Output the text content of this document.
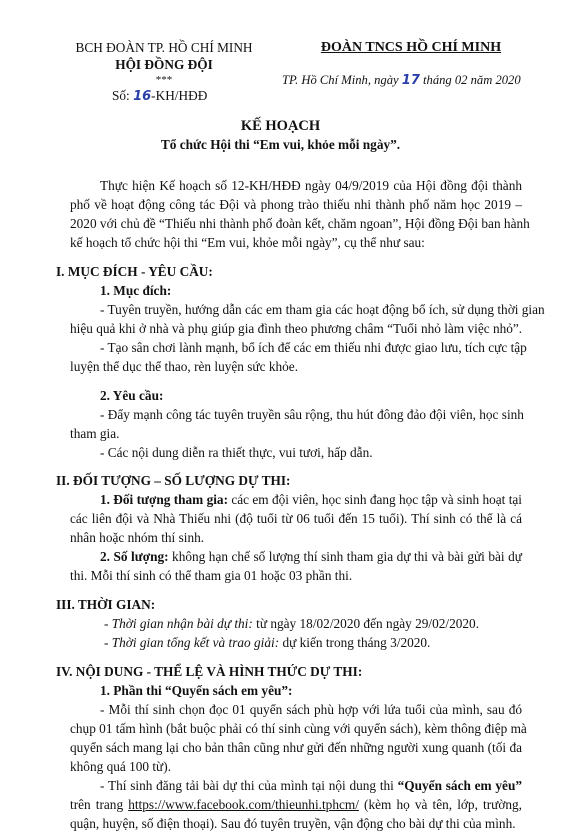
BCH ĐOÀN TP. HỒ CHÍ MINH
HỘI ĐỒNG ĐỘI
***
Số: 16-KH/HĐĐ
ĐOÀN TNCS HỒ CHÍ MINH
TP. Hồ Chí Minh, ngày 17 tháng 02 năm 2020
KẾ HOẠCH
Tổ chức Hội thi “Em vui, khỏe mỗi ngày”.
Thực hiện Kế hoạch số 12-KH/HĐĐ ngày 04/9/2019 của Hội đồng đội thành
phố về hoạt động công tác Đội và phong trào thiếu nhi thành phố năm học 2019 –
2020 với chủ đề “Thiếu nhi thành phố đoàn kết, chăm ngoan”, Hội đồng Đội ban hành
kế hoạch tổ chức hội thi “Em vui, khỏe mỗi ngày”, cụ thể như sau:
I. MỤC ĐÍCH - YÊU CẦU:
1. Mục đích:
- Tuyên truyền, hướng dẫn các em tham gia các hoạt động bổ ích, sử dụng thời gian
hiệu quả khi ở nhà và phụ giúp gia đình theo phương châm “Tuổi nhỏ làm việc nhỏ”.
- Tạo sân chơi lành mạnh, bổ ích để các em thiếu nhi được giao lưu, tích cực tập
luyện thể dục thể thao, rèn luyện sức khỏe.
2. Yêu cầu:
- Đẩy mạnh công tác tuyên truyền sâu rộng, thu hút đông đảo đội viên, học sinh
tham gia.
- Các nội dung diễn ra thiết thực, vui tươi, hấp dẫn.
II. ĐỐI TƯỢNG – SỐ LƯỢNG DỰ THI:
1. Đối tượng tham gia: các em đội viên, học sinh đang học tập và sinh hoạt tại
các liên đội và Nhà Thiếu nhi (độ tuổi từ 06 tuổi đến 15 tuổi). Thí sinh có thể là cá
nhân hoặc nhóm thí sinh.
2. Số lượng: không hạn chế số lượng thí sinh tham gia dự thi và bài gửi bài dự
thi. Mỗi thí sinh có thể tham gia 01 hoặc 03 phần thi.
III. THỜI GIAN:
- Thời gian nhận bài dự thi: từ ngày 18/02/2020 đến ngày 29/02/2020.
- Thời gian tổng kết và trao giải: dự kiến trong tháng 3/2020.
IV. NỘI DUNG - THỂ LỆ VÀ HÌNH THỨC DỰ THI:
1. Phần thi “Quyển sách em yêu”:
- Mỗi thí sinh chọn đọc 01 quyển sách phù hợp với lứa tuổi của mình, sau đó
chụp 01 tấm hình (bắt buộc phải có thí sinh cùng với quyển sách), kèm thông điệp mà
quyển sách mang lại cho bản thân cũng như gửi đến những người xung quanh (tối đa
không quá 100 từ).
- Thí sinh đăng tải bài dự thi của mình tại nội dung thi “Quyển sách em yêu”
trên trang https://www.facebook.com/thieunhi.tphcm/ (kèm họ và tên, lớp, trường,
quận, huyện, số điện thoại). Sau đó tuyên truyền, vận động cho bài dự thi của mình.
